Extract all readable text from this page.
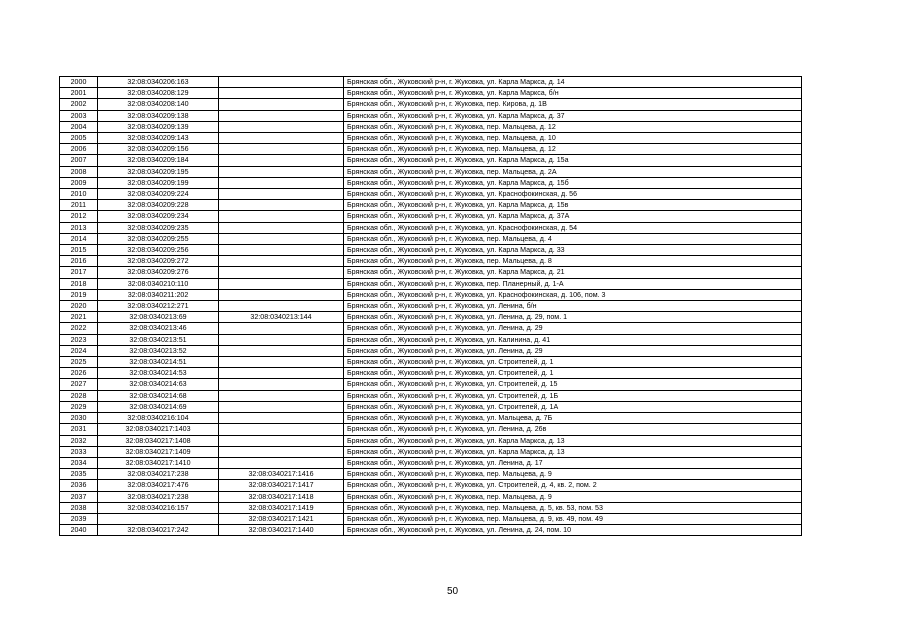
2000	32:08:0340206:163		Брянская обл., Жуковский р-н, г. Жуковка, ул. Карла Маркса, д. 14
2001	32:08:0340208:129		Брянская обл., Жуковский р-н, г. Жуковка, ул. Карла Маркса, б/н
2002	32:08:0340208:140		Брянская обл., Жуковский р-н, г. Жуковка, пер. Кирова, д. 1В
2003	32:08:0340209:138		Брянская обл., Жуковский р-н, г. Жуковка, ул. Карла Маркса, д. 37
2004	32:08:0340209:139		Брянская обл., Жуковский р-н, г. Жуковка, пер. Мальцева, д. 12
2005	32:08:0340209:143		Брянская обл., Жуковский р-н, г. Жуковка, пер. Мальцева, д. 10
2006	32:08:0340209:156		Брянская обл., Жуковский р-н, г. Жуковка, пер. Мальцева, д. 12
2007	32:08:0340209:184		Брянская обл., Жуковский р-н, г. Жуковка, ул. Карла Маркса, д. 15а
2008	32:08:0340209:195		Брянская обл., Жуковский р-н, г. Жуковка, пер. Мальцева, д. 2А
2009	32:08:0340209:199		Брянская обл., Жуковский р-н, г. Жуковка, ул. Карла Маркса, д. 15б
2010	32:08:0340209:224		Брянская обл., Жуковский р-н, г. Жуковка, ул. Краснофокинская, д. 56
2011	32:08:0340209:228		Брянская обл., Жуковский р-н, г. Жуковка, ул. Карла Маркса, д. 15в
2012	32:08:0340209:234		Брянская обл., Жуковский р-н, г. Жуковка, ул. Карла Маркса, д. 37А
2013	32:08:0340209:235		Брянская обл., Жуковский р-н, г. Жуковка, ул. Краснофокинская, д. 54
2014	32:08:0340209:255		Брянская обл., Жуковский р-н, г. Жуковка, пер. Мальцева, д. 4
2015	32:08:0340209:256		Брянская обл., Жуковский р-н, г. Жуковка, ул. Карла Маркса, д. 33
2016	32:08:0340209:272		Брянская обл., Жуковский р-н, г. Жуковка, пер. Мальцева, д. 8
2017	32:08:0340209:276		Брянская обл., Жуковский р-н, г. Жуковка, ул. Карла Маркса, д. 21
2018	32:08:0340210:110		Брянская обл., Жуковский р-н, г. Жуковка, пер. Планерный, д. 1-А
2019	32:08:0340211:202		Брянская обл., Жуковский р-н, г. Жуковка, ул. Краснофокинская, д. 106, пом. 3
2020	32:08:0340212:271		Брянская обл., Жуковский р-н, г. Жуковка, ул. Ленина, б/н
2021	32:08:0340213:69	32:08:0340213:144	Брянская обл., Жуковский р-н, г. Жуковка, ул. Ленина, д. 29, пом. 1
2022	32:08:0340213:46		Брянская обл., Жуковский р-н, г. Жуковка, ул. Ленина, д. 29
2023	32:08:0340213:51		Брянская обл., Жуковский р-н, г. Жуковка, ул. Калинина, д. 41
2024	32:08:0340213:52		Брянская обл., Жуковский р-н, г. Жуковка, ул. Ленина, д. 29
2025	32:08:0340214:51		Брянская обл., Жуковский р-н, г. Жуковка, ул. Строителей, д. 1
2026	32:08:0340214:53		Брянская обл., Жуковский р-н, г. Жуковка, ул. Строителей, д. 1
2027	32:08:0340214:63		Брянская обл., Жуковский р-н, г. Жуковка, ул. Строителей, д. 15
2028	32:08:0340214:68		Брянская обл., Жуковский р-н, г. Жуковка, ул. Строителей, д. 1Б
2029	32:08:0340214:69		Брянская обл., Жуковский р-н, г. Жуковка, ул. Строителей, д. 1А
2030	32:08:0340216:104		Брянская обл., Жуковский р-н, г. Жуковка, ул. Мальцева, д. 7Б
2031	32:08:0340217:1403		Брянская обл., Жуковский р-н, г. Жуковка, ул. Ленина, д. 26в
2032	32:08:0340217:1408		Брянская обл., Жуковский р-н, г. Жуковка, ул. Карла Маркса, д. 13
2033	32:08:0340217:1409		Брянская обл., Жуковский р-н, г. Жуковка, ул. Карла Маркса, д. 13
2034	32:08:0340217:1410		Брянская обл., Жуковский р-н, г. Жуковка, ул. Ленина, д. 17
2035	32:08:0340217:238	32:08:0340217:1416	Брянская обл., Жуковский р-н, г. Жуковка, пер. Мальцева, д. 9
2036	32:08:0340217:476	32:08:0340217:1417	Брянская обл., Жуковский р-н, г. Жуковка, ул. Строителей, д. 4, кв. 2, пом. 2
2037	32:08:0340217:238	32:08:0340217:1418	Брянская обл., Жуковский р-н, г. Жуковка, пер. Мальцева, д. 9
2038	32:08:0340216:157	32:08:0340217:1419	Брянская обл., Жуковский р-н, г. Жуковка, пер. Мальцева, д. 5, кв. 53, пом. 53
2039		32:08:0340217:1421	Брянская обл., Жуковский р-н, г. Жуковка, пер. Мальцева, д. 9, кв. 49, пом. 49
2040	32:08:0340217:242	32:08:0340217:1440	Брянская обл., Жуковский р-н, г. Жуковка, ул. Ленина, д. 24, пом. 10
50
